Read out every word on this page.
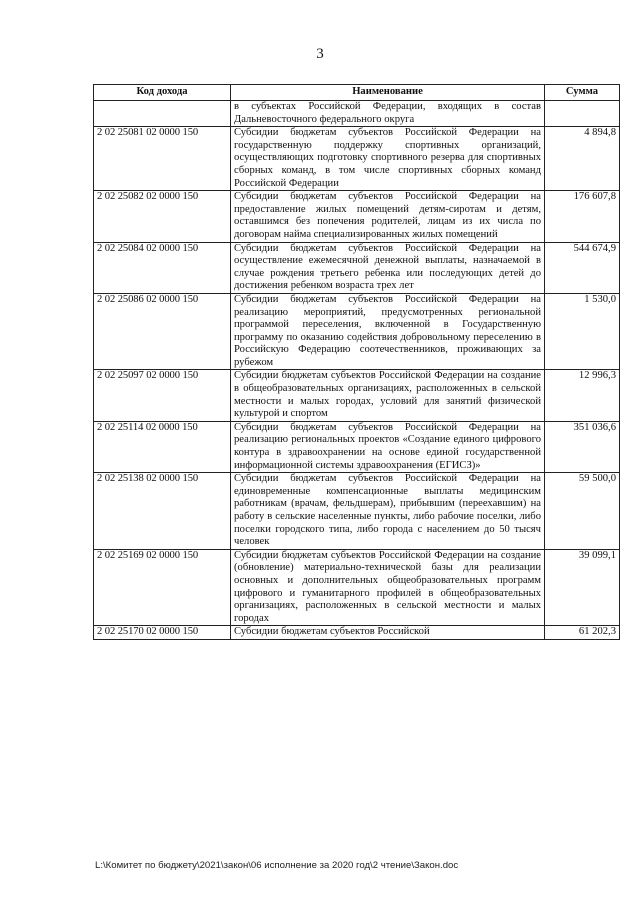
3
Код дохода	Наименование	Сумма
	в субъектах Российской Федерации, входящих в состав Дальневосточного федерального округа	
2 02 25081 02 0000 150	Субсидии бюджетам субъектов Российской Федерации на государственную поддержку спортивных организаций, осуществляющих подготовку спортивного резерва для спортивных сборных команд, в том числе спортивных сборных команд Российской Федерации	4 894,8
2 02 25082 02 0000 150	Субсидии бюджетам субъектов Российской Федерации на предоставление жилых помещений детям-сиротам и детям, оставшимся без попечения родителей, лицам из их числа по договорам найма специализированных жилых помещений	176 607,8
2 02 25084 02 0000 150	Субсидии бюджетам субъектов Российской Федерации на осуществление ежемесячной денежной выплаты, назначаемой в случае рождения третьего ребенка или последующих детей до достижения ребенком возраста трех лет	544 674,9
2 02 25086 02 0000 150	Субсидии бюджетам субъектов Российской Федерации на реализацию мероприятий, предусмотренных региональной программой переселения, включенной в Государственную программу по оказанию содействия добровольному переселению в Российскую Федерацию соотечественников, проживающих за рубежом	1 530,0
2 02 25097 02 0000 150	Субсидии бюджетам субъектов Российской Федерации на создание в общеобразовательных организациях, расположенных в сельской местности и малых городах, условий для занятий физической культурой и спортом	12 996,3
2 02 25114 02 0000 150	Субсидии бюджетам субъектов Российской Федерации на реализацию региональных проектов «Создание единого цифрового контура в здравоохранении на основе единой государственной информационной системы здравоохранения (ЕГИСЗ)»	351 036,6
2 02 25138 02 0000 150	Субсидии бюджетам субъектов Российской Федерации на единовременные компенсационные выплаты медицинским работникам (врачам, фельдшерам), прибывшим (переехавшим) на работу в сельские населенные пункты, либо рабочие поселки, либо поселки городского типа, либо города с населением до 50 тысяч человек	59 500,0
2 02 25169 02 0000 150	Субсидии бюджетам субъектов Российской Федерации на создание (обновление) материально-технической базы для реализации основных и дополнительных общеобразовательных программ цифрового и гуманитарного профилей в общеобразовательных организациях, расположенных в сельской местности и малых городах	39 099,1
2 02 25170 02 0000 150	Субсидии бюджетам субъектов Российской	61 202,3
L:\Комитет по бюджету\2021\закон\06 исполнение за 2020 год\2 чтение\Закон.doc
